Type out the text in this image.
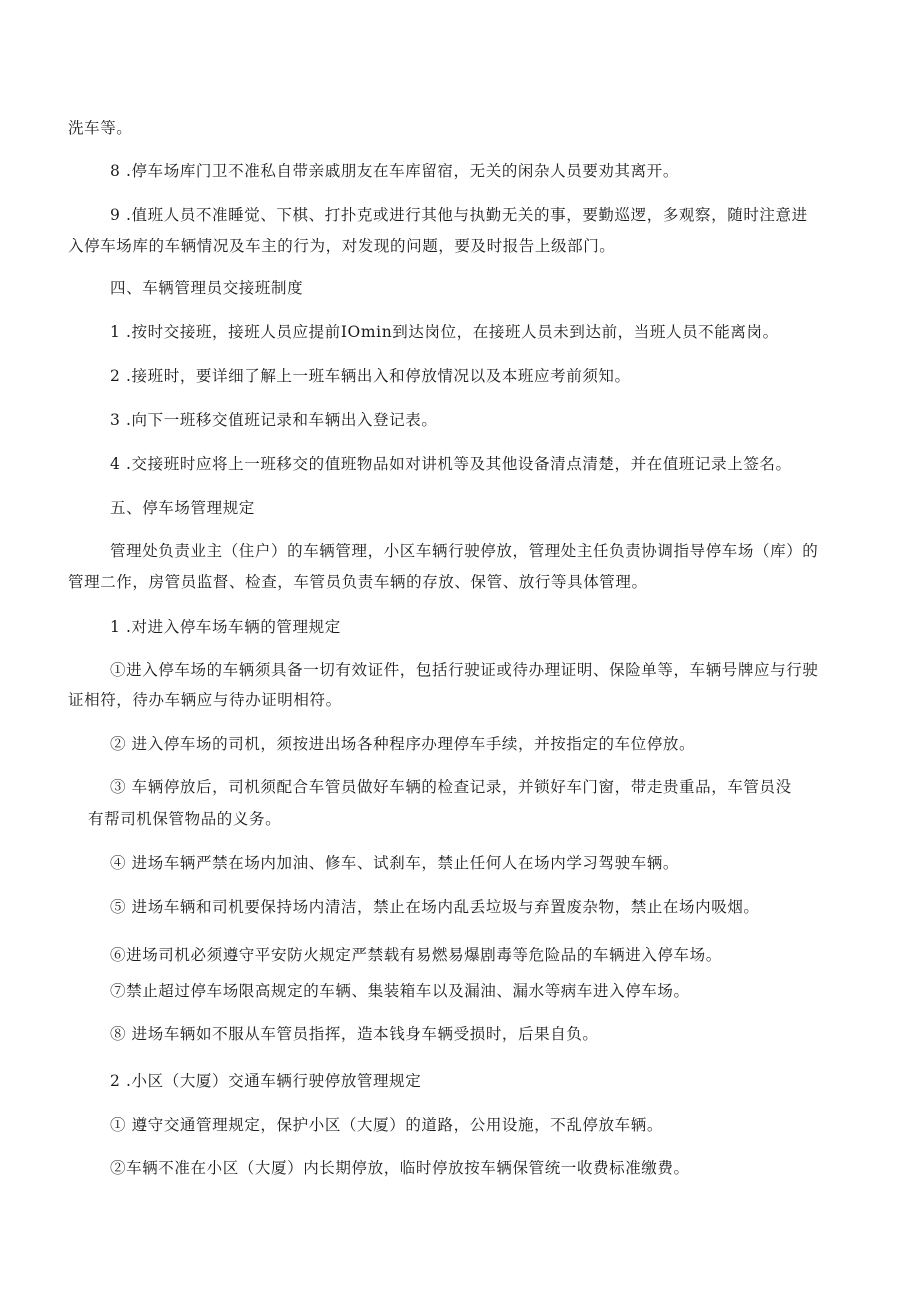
洗车等。
8 .停车场库门卫不准私自带亲戚朋友在车库留宿，无关的闲杂人员要劝其离开。
9 .值班人员不准睡觉、下棋、打扑克或进行其他与执勤无关的事，要勤巡逻，多观察，随时注意进
入停车场库的车辆情况及车主的行为，对发现的问题，要及时报告上级部门。
四、车辆管理员交接班制度
1 .按时交接班，接班人员应提前IOmin到达岗位，在接班人员未到达前，当班人员不能离岗。
2 .接班时，要详细了解上一班车辆出入和停放情况以及本班应考前须知。
3 .向下一班移交值班记录和车辆出入登记表。
4 .交接班时应将上一班移交的值班物品如对讲机等及其他设备清点清楚，并在值班记录上签名。
五、停车场管理规定
管理处负责业主（住户）的车辆管理，小区车辆行驶停放，管理处主任负责协调指导停车场（库）的
管理二作，房管员监督、检查，车管员负责车辆的存放、保管、放行等具体管理。
1 .对进入停车场车辆的管理规定
①进入停车场的车辆须具备一切有效证件，包括行驶证或待办理证明、保险单等，车辆号牌应与行驶
证相符，待办车辆应与待办证明相符。
② 进入停车场的司机，须按进出场各种程序办理停车手续，并按指定的车位停放。
③ 车辆停放后，司机须配合车管员做好车辆的检查记录，并锁好车门窗，带走贵重品，车管员没
有帮司机保管物品的义务。
④ 进场车辆严禁在场内加油、修车、试刹车，禁止任何人在场内学习驾驶车辆。
⑤ 进场车辆和司机要保持场内清洁，禁止在场内乱丢垃圾与弃置废杂物，禁止在场内吸烟。
⑥进场司机必须遵守平安防火规定严禁载有易燃易爆剧毒等危险品的车辆进入停车场。
⑦禁止超过停车场限高规定的车辆、集装箱车以及漏油、漏水等病车进入停车场。
⑧ 进场车辆如不服从车管员指挥，造本钱身车辆受损时，后果自负。
2 .小区（大厦）交通车辆行驶停放管理规定
① 遵守交通管理规定，保护小区（大厦）的道路，公用设施，不乱停放车辆。
②车辆不准在小区（大厦）内长期停放，临时停放按车辆保管统一收费标准缴费。
